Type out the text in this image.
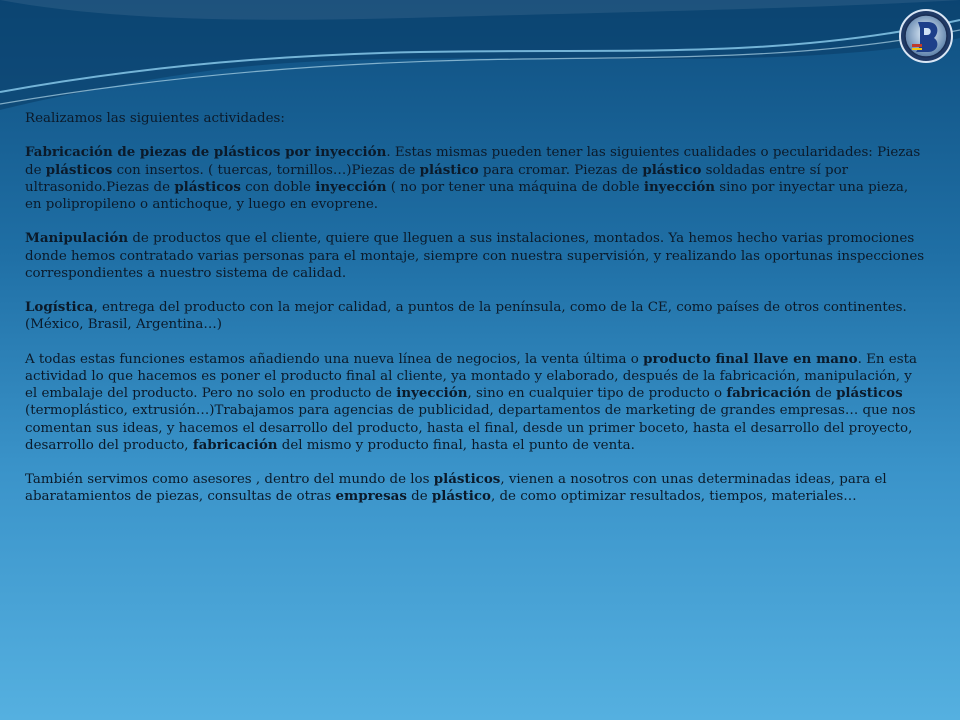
Realizamos las siguientes actividades:

Fabricación de piezas de plásticos por inyección. Estas mismas pueden tener las siguientes cualidades o pecularidades: Piezas de plásticos con insertos. ( tuercas, tornillos…)Piezas de plástico para cromar. Piezas de plástico soldadas entre sí por ultrasonido.Piezas de plásticos con doble inyección ( no por tener una máquina de doble inyección sino por inyectar una pieza, en polipropileno o antichoque, y luego en evoprene.

Manipulación de productos que el cliente, quiere que lleguen a sus instalaciones, montados. Ya hemos hecho varias promociones donde hemos contratado varias personas para el montaje, siempre con nuestra supervisión, y realizando las oportunas inspecciones correspondientes a nuestro sistema de calidad.

Logística, entrega del producto con la mejor calidad, a puntos de la península, como de la CE, como países de otros continentes. (México, Brasil, Argentina…)

A todas estas funciones estamos añadiendo una nueva línea de negocios, la venta última o producto final llave en mano. En esta actividad lo que hacemos es poner el producto final al cliente, ya montado y elaborado, después de la fabricación, manipulación, y el embalaje del producto. Pero no solo en producto de inyección, sino en cualquier tipo de producto o fabricación de plásticos (termoplástico, extrusión…)Trabajamos para agencias de publicidad, departamentos de marketing de grandes empresas… que nos comentan sus ideas, y hacemos el desarrollo del producto, hasta el final, desde un primer boceto, hasta el desarrollo del proyecto, desarrollo del producto, fabricación del mismo y producto final, hasta el punto de venta.

También servimos como asesores , dentro del mundo de los plásticos, vienen a nosotros con unas determinadas ideas, para el abaratamientos de piezas, consultas de otras empresas de plástico, de como optimizar resultados, tiempos, materiales…
